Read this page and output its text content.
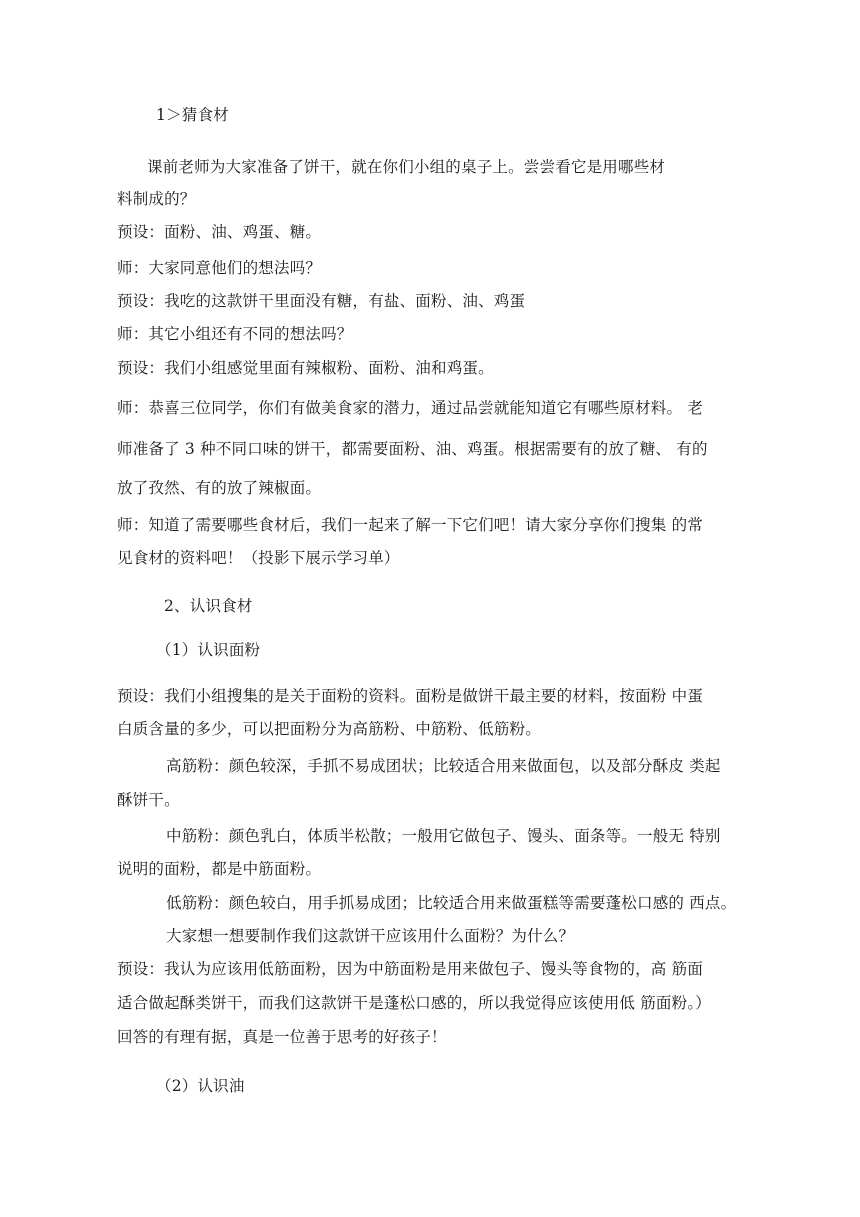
1＞猜食材
课前老师为大家准备了饼干，就在你们小组的桌子上。尝尝看它是用哪些材
料制成的？
预设：面粉、油、鸡蛋、糖。
师：大家同意他们的想法吗？
预设：我吃的这款饼干里面没有糖，有盐、面粉、油、鸡蛋
师：其它小组还有不同的想法吗？
预设：我们小组感觉里面有辣椒粉、面粉、油和鸡蛋。
师：恭喜三位同学，你们有做美食家的潜力，通过品尝就能知道它有哪些原材料。 老
师准备了 3 种不同口味的饼干，都需要面粉、油、鸡蛋。根据需要有的放了糖、 有的
放了孜然、有的放了辣椒面。
师：知道了需要哪些食材后，我们一起来了解一下它们吧！请大家分享你们搜集 的常
见食材的资料吧！（投影下展示学习单）
2、认识食材
（1）认识面粉
预设：我们小组搜集的是关于面粉的资料。面粉是做饼干最主要的材料，按面粉 中蛋
白质含量的多少，可以把面粉分为高筋粉、中筋粉、低筋粉。
高筋粉：颜色较深，手抓不易成团状；比较适合用来做面包，以及部分酥皮 类起
酥饼干。
中筋粉：颜色乳白，体质半松散；一般用它做包子、馒头、面条等。一般无 特别
说明的面粉，都是中筋面粉。
低筋粉：颜色较白，用手抓易成团；比较适合用来做蛋糕等需要蓬松口感的 西点。
大家想一想要制作我们这款饼干应该用什么面粉？为什么？
预设：我认为应该用低筋面粉，因为中筋面粉是用来做包子、馒头等食物的，高 筋面
适合做起酥类饼干，而我们这款饼干是蓬松口感的，所以我觉得应该使用低 筋面粉。）
回答的有理有据，真是一位善于思考的好孩子！
（2）认识油
